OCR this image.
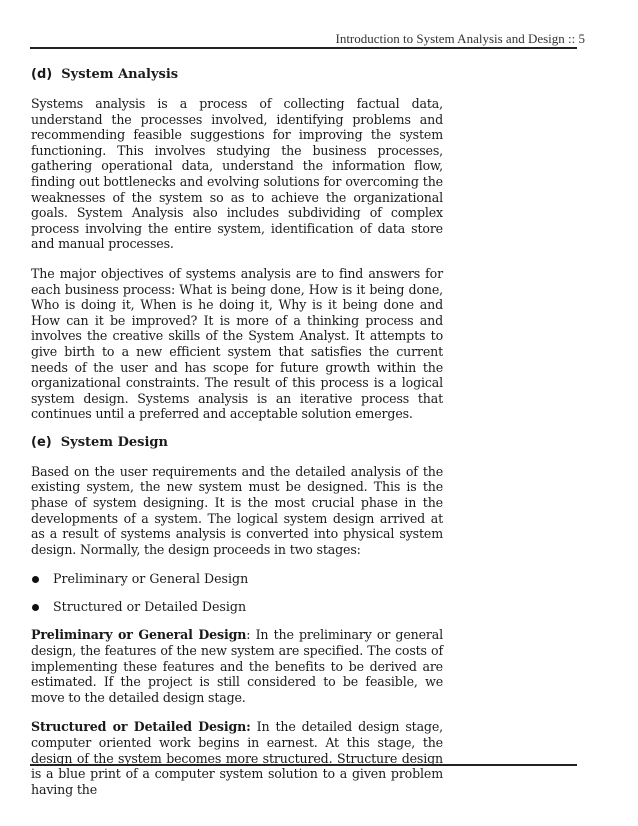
Introduction to System Analysis and Design :: 5
(d) System Analysis

Systems analysis is a process of collecting factual data, understand the processes involved, identifying problems and recommending feasible suggestions for improving the system functioning. This involves studying the business processes, gathering operational data, understand the information flow, finding out bottlenecks and evolving solutions for overcoming the weaknesses of the system so as to achieve the organizational goals. System Analysis also includes subdividing of complex process involving the entire system, identification of data store and manual processes.

The major objectives of systems analysis are to find answers for each business process: What is being done, How is it being done, Who is doing it, When is he doing it, Why is it being done and How can it be improved? It is more of a thinking process and involves the creative skills of the System Analyst. It attempts to give birth to a new efficient system that satisfies the current needs of the user and has scope for future growth within the organizational constraints. The result of this process is a logical system design. Systems analysis is an iterative process that continues until a preferred and acceptable solution emerges.

(e) System Design

Based on the user requirements and the detailed analysis of the existing system, the new system must be designed. This is the phase of system designing. It is the most crucial phase in the developments of a system. The logical system design arrived at as a result of systems analysis is converted into physical system design. Normally, the design proceeds in two stages:

Preliminary or General Design
Structured or Detailed Design

Preliminary or General Design: In the preliminary or general design, the features of the new system are specified. The costs of implementing these features and the benefits to be derived are estimated. If the project is still considered to be feasible, we move to the detailed design stage.

Structured or Detailed Design: In the detailed design stage, computer oriented work begins in earnest. At this stage, the design of the system becomes more structured. Structure design is a blue print of a computer system solution to a given problem having the
